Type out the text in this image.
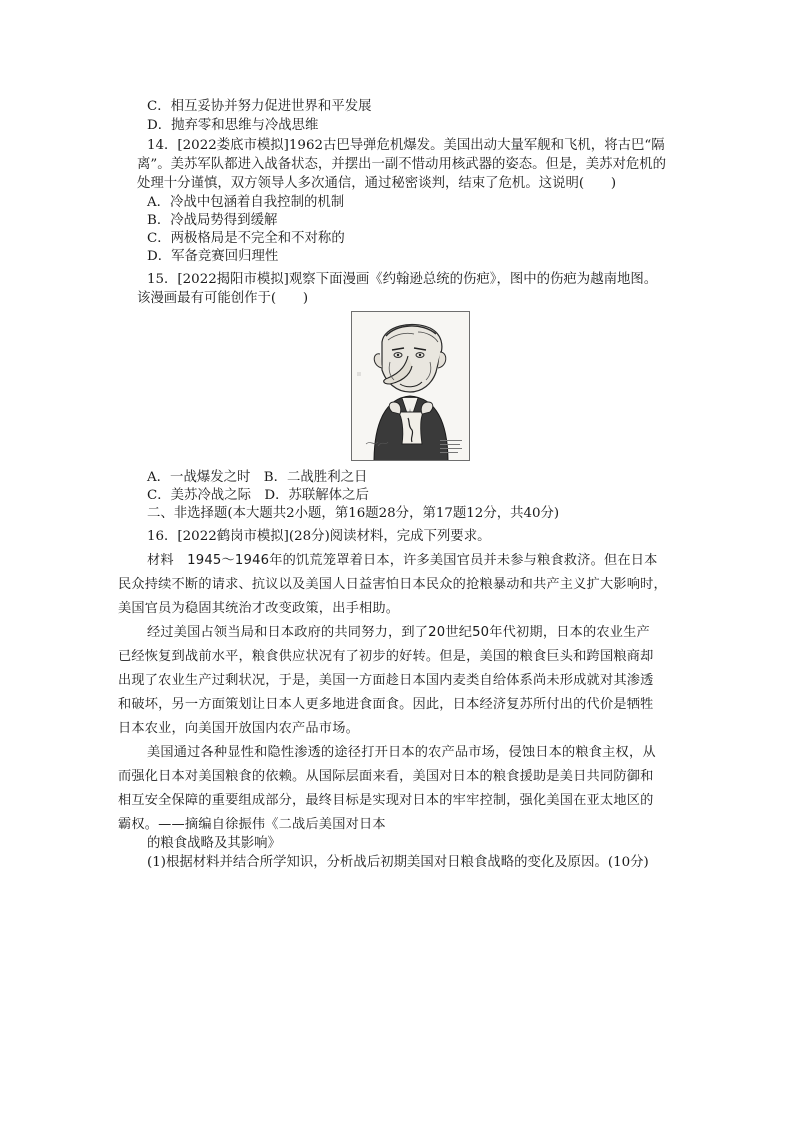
C．相互妥协并努力促进世界和平发展
D．抛弃零和思维与冷战思维
14．[2022娄底市模拟]1962古巴导弹危机爆发。美国出动大量军舰和飞机，将古巴“隔
离”。美苏军队都进入战备状态，并摆出一副不惜动用核武器的姿态。但是，美苏对危机的
处理十分谨慎，双方领导人多次通信，通过秘密谈判，结束了危机。这说明(　　)
A．冷战中包涵着自我控制的机制
B．冷战局势得到缓解
C．两极格局是不完全和不对称的
D．军备竞赛回归理性
15．[2022揭阳市模拟]观察下面漫画《约翰逊总统的伤疤》，图中的伤疤为越南地图。
该漫画最有可能创作于(　　)
A．一战爆发之时　B．二战胜利之日
C．美苏冷战之际　D．苏联解体之后
二、非选择题(本大题共2小题，第16题28分，第17题12分，共40分)
16．[2022鹤岗市模拟](28分)阅读材料，完成下列要求。
材料　1945～1946年的饥荒笼罩着日本，许多美国官员并未参与粮食救济。但在日本
民众持续不断的请求、抗议以及美国人日益害怕日本民众的抢粮暴动和共产主义扩大影响时，
美国官员为稳固其统治才改变政策，出手相助。
经过美国占领当局和日本政府的共同努力，到了20世纪50年代初期，日本的农业生产
已经恢复到战前水平，粮食供应状况有了初步的好转。但是，美国的粮食巨头和跨国粮商却
出现了农业生产过剩状况，于是，美国一方面趁日本国内麦类自给体系尚未形成就对其渗透
和破坏，另一方面策划让日本人更多地进食面食。因此，日本经济复苏所付出的代价是牺牲
日本农业，向美国开放国内农产品市场。
美国通过各种显性和隐性渗透的途径打开日本的农产品市场，侵蚀日本的粮食主权，从
而强化日本对美国粮食的依赖。从国际层面来看，美国对日本的粮食援助是美日共同防御和
相互安全保障的重要组成部分，最终目标是实现对日本的牢牢控制，强化美国在亚太地区的
霸权。——摘编自徐振伟《二战后美国对日本
的粮食战略及其影响》
(1)根据材料并结合所学知识，分析战后初期美国对日粮食战略的变化及原因。(10分)
